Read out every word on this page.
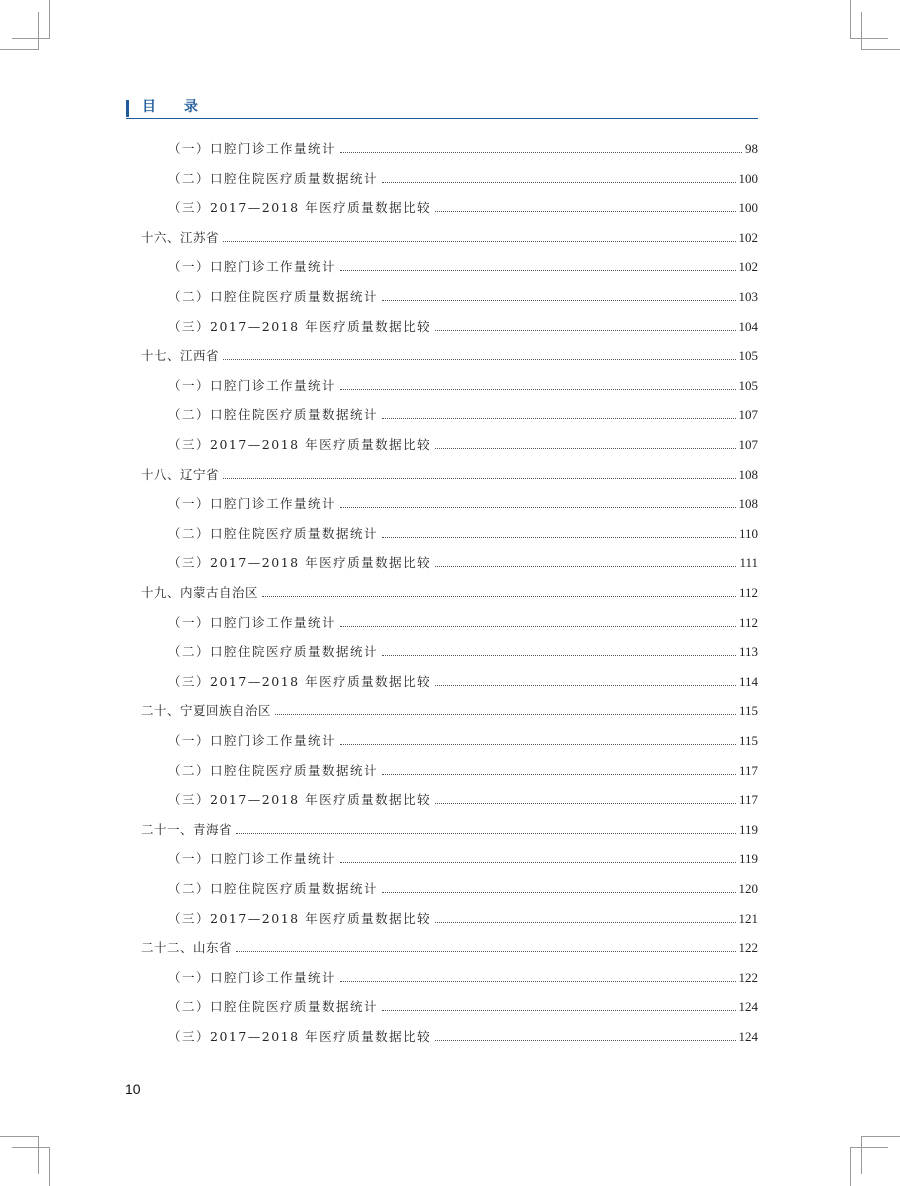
目 录
（一）口腔门诊工作量统计	98
（二）口腔住院医疗质量数据统计	100
（三）2017—2018 年医疗质量数据比较	100
十六、江苏省	102
（一）口腔门诊工作量统计	102
（二）口腔住院医疗质量数据统计	103
（三）2017—2018 年医疗质量数据比较	104
十七、江西省	105
（一）口腔门诊工作量统计	105
（二）口腔住院医疗质量数据统计	107
（三）2017—2018 年医疗质量数据比较	107
十八、辽宁省	108
（一）口腔门诊工作量统计	108
（二）口腔住院医疗质量数据统计	110
（三）2017—2018 年医疗质量数据比较	111
十九、内蒙古自治区	112
（一）口腔门诊工作量统计	112
（二）口腔住院医疗质量数据统计	113
（三）2017—2018 年医疗质量数据比较	114
二十、宁夏回族自治区	115
（一）口腔门诊工作量统计	115
（二）口腔住院医疗质量数据统计	117
（三）2017—2018 年医疗质量数据比较	117
二十一、青海省	119
（一）口腔门诊工作量统计	119
（二）口腔住院医疗质量数据统计	120
（三）2017—2018 年医疗质量数据比较	121
二十二、山东省	122
（一）口腔门诊工作量统计	122
（二）口腔住院医疗质量数据统计	124
（三）2017—2018 年医疗质量数据比较	124
10
